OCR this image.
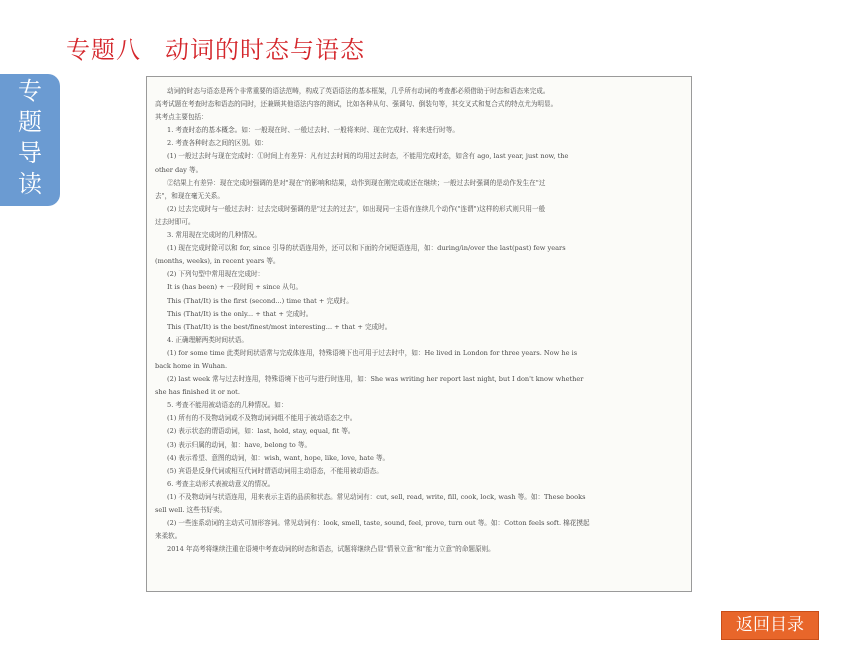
专题八 动词的时态与语态
专
题
导
读

动词的时态与语态是两个非常重要的语法范畴，构成了英语语法的基本框架，几乎所有动词的考查都必须借助于时态和语态来完成。

高考试题在考查时态和语态的同时，还兼顾其他语法内容的测试，比如各种从句、强调句、倒装句等，其交叉式和复合式的特点尤为明显。

其考点主要包括：

1. 考查时态的基本概念。如：一般现在时、一般过去时、一般将来时、现在完成时、将来进行时等。

2. 考查各种时态之间的区别。如：

(1) 一般过去时与现在完成时：①时间上有差异：凡有过去时间的均用过去时态，不能用完成时态，如含有 ago, last year, just now, the

other day 等。

②结果上有差异：现在完成时强调的是对"现在"的影响和结果，动作到现在刚完成或还在继续；一般过去时强调的是动作发生在"过

去"，和现在毫无关系。

(2) 过去完成时与一般过去时：过去完成时强调的是"过去的过去"，如出现同一主语有连续几个动作("连谓")这样的形式则只用一般

过去时即可。

3. 常用现在完成时的几种情况。

(1) 现在完成时除可以和 for, since 引导的状语连用外，还可以和下面的介词短语连用，如：during/in/over the last(past) few years

(months, weeks), in recent years 等。

(2) 下列句型中常用现在完成时：

It is (has been) + 一段时间 + since 从句。

This (That/It) is the first (second...) time that + 完成时。

This (That/It) is the only... + that + 完成时。

This (That/It) is the best/finest/most interesting... + that + 完成时。

4. 正确理解两类时间状语。

(1) for some time 此类时间状语常与完成体连用，特殊语境下也可用于过去时中，如：He lived in London for three years. Now he is

back home in Wuhan.

(2) last week 常与过去时连用，特殊语境下也可与进行时连用，如：She was writing her report last night, but I don't know whether

she has finished it or not.

5. 考查不能用被动语态的几种情况。如：

(1) 所有的不及物动词或不及物动词词组不能用于被动语态之中。

(2) 表示状态的谓语动词，如：last, hold, stay, equal, fit 等。

(3) 表示归属的动词，如：have, belong to 等。

(4) 表示希望、意图的动词，如：wish, want, hope, like, love, hate 等。

(5) 宾语是反身代词或相互代词时谓语动词用主动语态，不能用被动语态。

6. 考查主动形式表被动意义的情况。

(1) 不及物动词与状语连用，用来表示主语的品质和状态。常见动词有：cut, sell, read, write, fill, cook, lock, wash 等。如：These books

sell well. 这些书好卖。

(2) 一些连系动词的主动式可加形容词。常见动词有：look, smell, taste, sound, feel, prove, turn out 等。如：Cotton feels soft. 棉花摸起

来柔软。

2014 年高考将继续注重在语境中考查动词的时态和语态，试题将继续凸显"情景立意"和"能力立意"的命题原则。

返回目录
